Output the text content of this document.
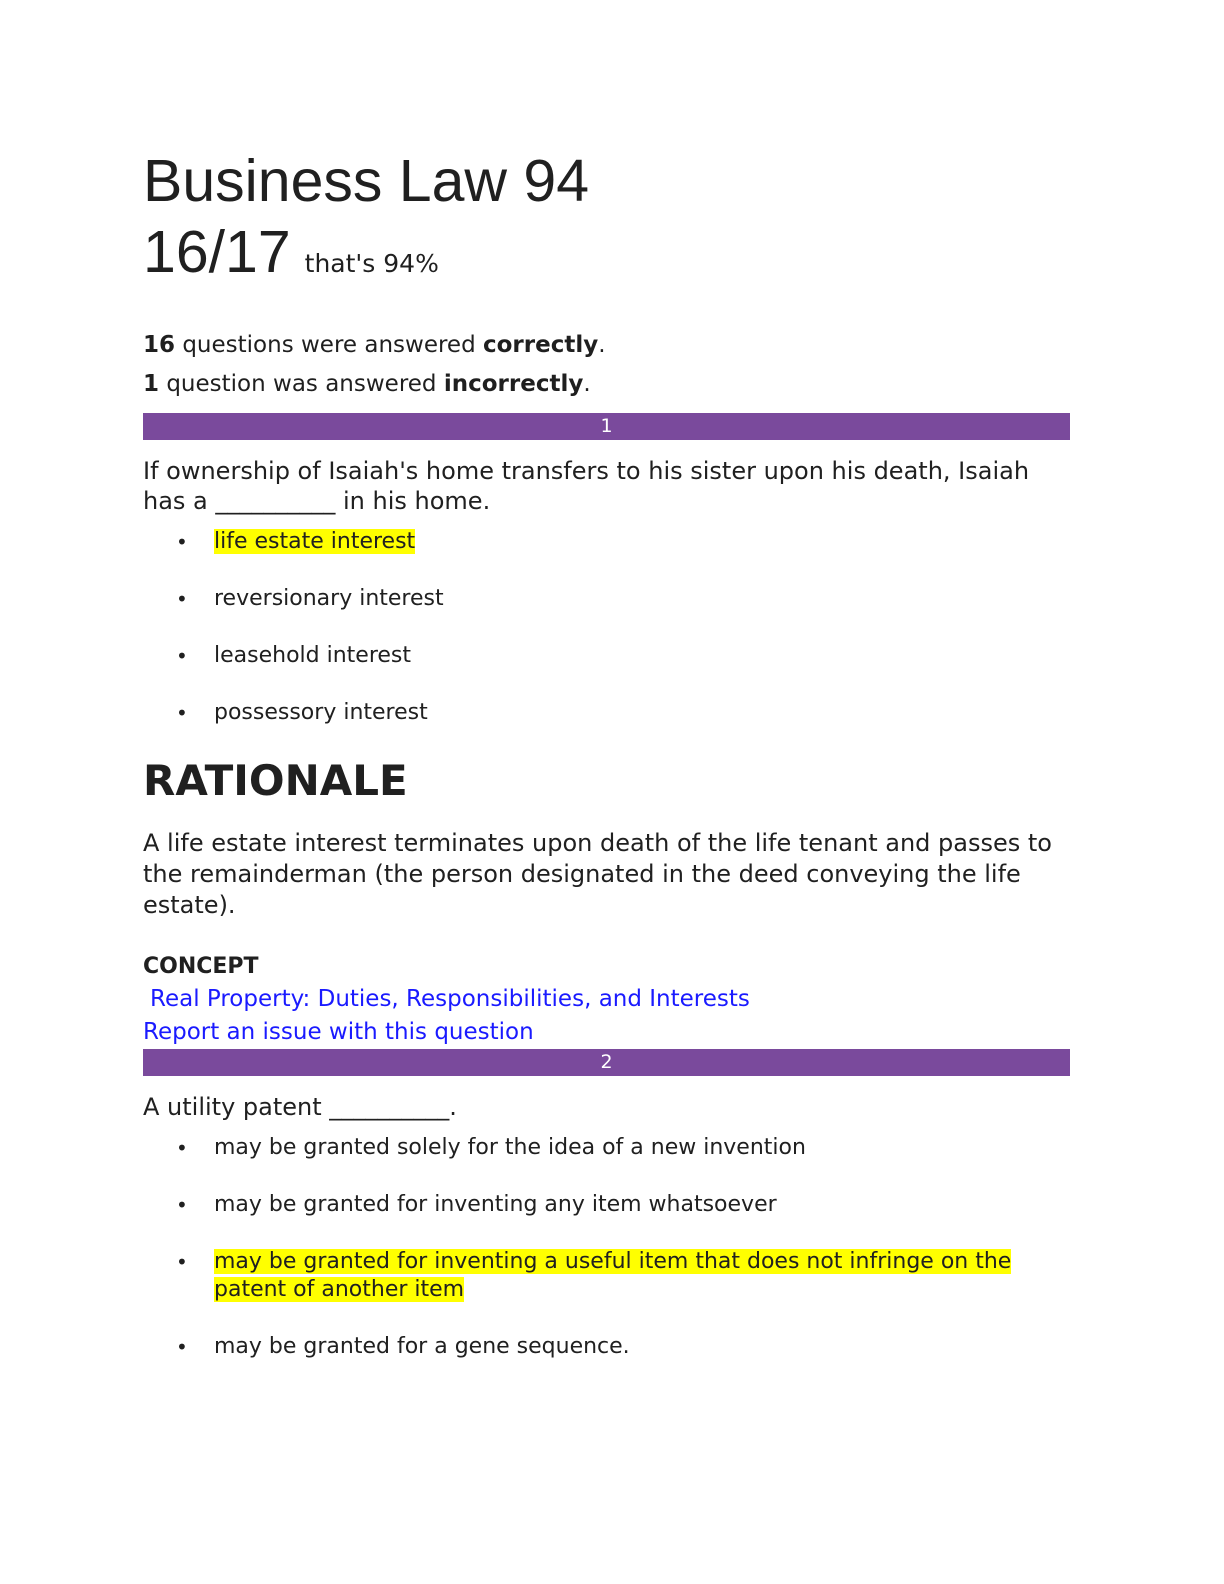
Business Law 94
16/17 that's 94%

16 questions were answered correctly.

1 question was answered incorrectly.

1
If ownership of Isaiah's home transfers to his sister upon his death, Isaiah has a __________ in his home.
• life estate interest
• reversionary interest
• leasehold interest
• possessory interest
RATIONALE

A life estate interest terminates upon death of the life tenant and passes to the remainderman (the person designated in the deed conveying the life estate).

CONCEPT
Real Property: Duties, Responsibilities, and Interests
Report an issue with this question
2
A utility patent __________.
• may be granted solely for the idea of a new invention
• may be granted for inventing any item whatsoever
• may be granted for inventing a useful item that does not infringe on the patent of another item
• may be granted for a gene sequence.
